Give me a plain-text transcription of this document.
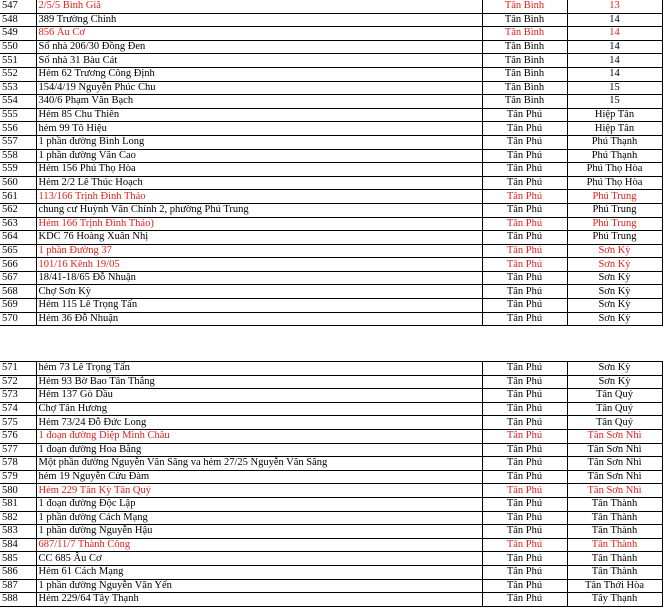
547	2/5/5 Bình Giã	Tân Bình	13
548	389 Trường Chinh	Tân Bình	14
549	856 Âu Cơ	Tân Bình	14
550	Số nhà 206/30 Đồng Đen	Tân Bình	14
551	Số nhà 31 Bàu Cát	Tân Bình	14
552	Hẻm 62 Trương Công Định	Tân Bình	14
553	154/4/19 Nguyễn Phúc Chu	Tân Bình	15
554	340/6 Phạm Văn Bạch	Tân Bình	15
555	Hẻm 85 Chu Thiên	Tân Phú	Hiệp Tân
556	hẻm 99 Tô Hiệu	Tân Phú	Hiệp Tân
557	1 phần đường Bình Long	Tân Phú	Phú Thạnh
558	1 phần đường Văn Cao	Tân Phú	Phú Thạnh
559	Hẻm 156 Phú Thọ Hòa	Tân Phú	Phú Thọ Hòa
560	Hẻm 2/2 Lê Thúc Hoạch	Tân Phú	Phú Thọ Hòa
561	113/166 Trịnh Đình Thảo	Tân Phú	Phú Trung
562	chung cư Huỳnh Văn Chính 2, phường Phú Trung	Tân Phú	Phú Trung
563	Hẻm 166 Trịnh Đình Thảo)	Tân Phú	Phú Trung
564	KDC 76 Hoàng Xuân Nhị	Tân Phú	Phú Trung
565	1 phần Đường 37	Tân Phú	Sơn Kỳ
566	101/16 Kênh 19/05	Tân Phú	Sơn Kỳ
567	18/41-18/65 Đỗ Nhuận	Tân Phú	Sơn Kỳ
568	Chợ Sơn Kỳ	Tân Phú	Sơn Kỳ
569	Hẻm 115 Lê Trọng Tấn	Tân Phú	Sơn Kỳ
570	Hẻm 36 Đỗ Nhuận	Tân Phú	Sơn Kỳ
571	hẻm 73 Lê Trọng Tấn	Tân Phú	Sơn Kỳ
572	Hẻm 93 Bờ Bao Tân Thắng	Tân Phú	Sơn Kỳ
573	Hẻm 137 Gò Dầu	Tân Phú	Tân Quý
574	Chợ Tân Hương	Tân Phú	Tân Quý
575	Hẻm 73/24 Đỗ Đức Long	Tân Phú	Tân Quý
576	1 đoạn đường Diệp Minh Châu	Tân Phú	Tân Sơn Nhì
577	1 đoạn đường Hoa Bằng	Tân Phú	Tân Sơn Nhì
578	Một phần đường Nguyễn Văn Săng va hẻm 27/25 Nguyễn Văn Săng	Tân Phú	Tân Sơn Nhì
579	hẻm 19 Nguyễn Cửu Đàm	Tân Phú	Tân Sơn Nhì
580	Hẻm 229 Tân Kỳ Tân Quý	Tân Phú	Tân Sơn Nhì
581	1 đoạn đường Độc Lập	Tân Phú	Tân Thành
582	1 phần đường Cách Mạng	Tân Phú	Tân Thành
583	1 phần đường Nguyễn Hậu	Tân Phú	Tân Thành
584	687/11/7 Thành Công	Tân Phú	Tân Thành
585	CC 685 Âu Cơ	Tân Phú	Tân Thành
586	Hẻm 61 Cách Mạng	Tân Phú	Tân Thành
587	1 phần đường Nguyễn Văn Yến	Tân Phú	Tân Thới Hòa
588	Hẻm 229/64 Tây Thạnh	Tân Phú	Tây Thạnh
